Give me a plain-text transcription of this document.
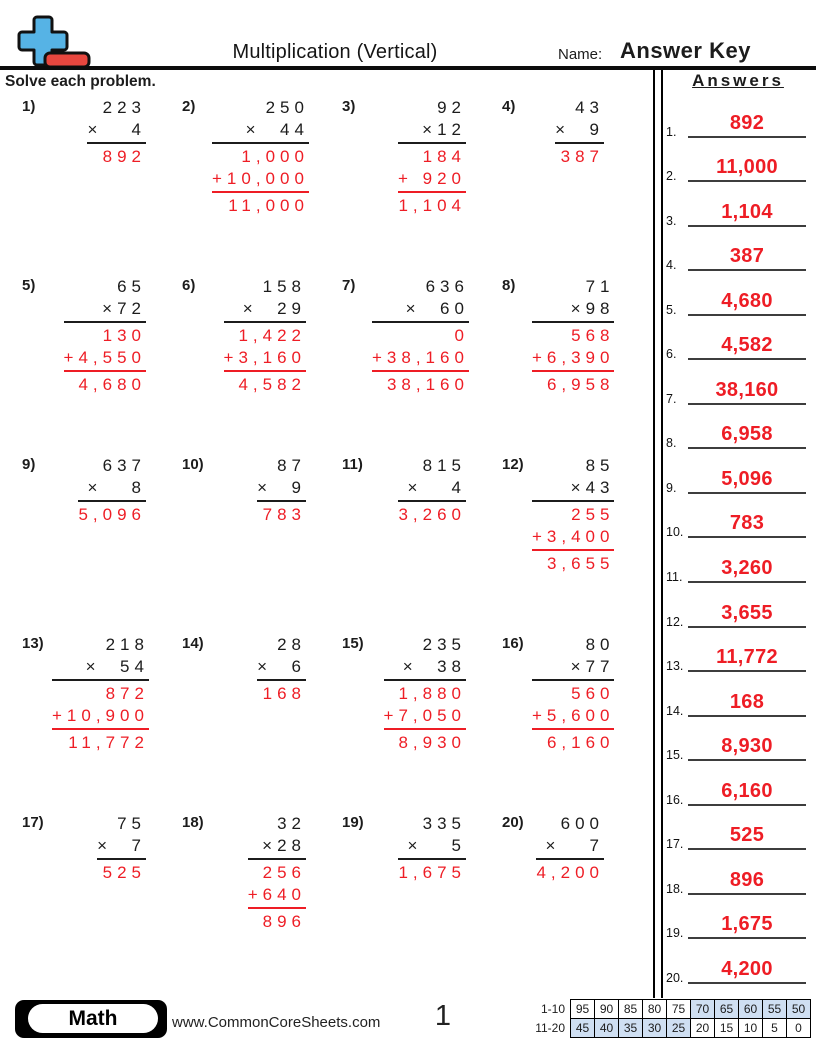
Multiplication (Vertical)	Name: Answer Key
Solve each problem.
1)	223
×   4
892
2)	250
×  44
1,000
+10,000
11,000
3)	92
×12
184
+ 920
1,104
4)	43
×  9
387
5)	65
×72
130
+4,550
4,680
6)	158
×  29
1,422
+3,160
4,582
7)	636
×  60
0
+38,160
38,160
8)	71
×98
568
+6,390
6,958
9)	637
×   8
5,096
10)	87
×  9
783
11)	815
×   4
3,260
12)	85
×43
255
+3,400
3,655
13)	218
×  54
872
+10,900
11,772
14)	28
×  6
168
15)	235
×  38
1,880
+7,050
8,930
16)	80
×77
560
+5,600
6,160
17)	75
×  7
525
18)	32
×28
256
+640
896
19)	335
×   5
1,675
20)	600
×   7
4,200
Answers
1.	892
2.	11,000
3.	1,104
4.	387
5.	4,680
6.	4,582
7.	38,160
8.	6,958
9.	5,096
10.	783
11.	3,260
12.	3,655
13.	11,772
14.	168
15.	8,930
16.	6,160
17.	525
18.	896
19.	1,675
20.	4,200
Math	www.CommonCoreSheets.com	1	1-10	95	90	85	80	75	70	65	60	55	50
11-20	45	40	35	30	25	20	15	10	5	0
